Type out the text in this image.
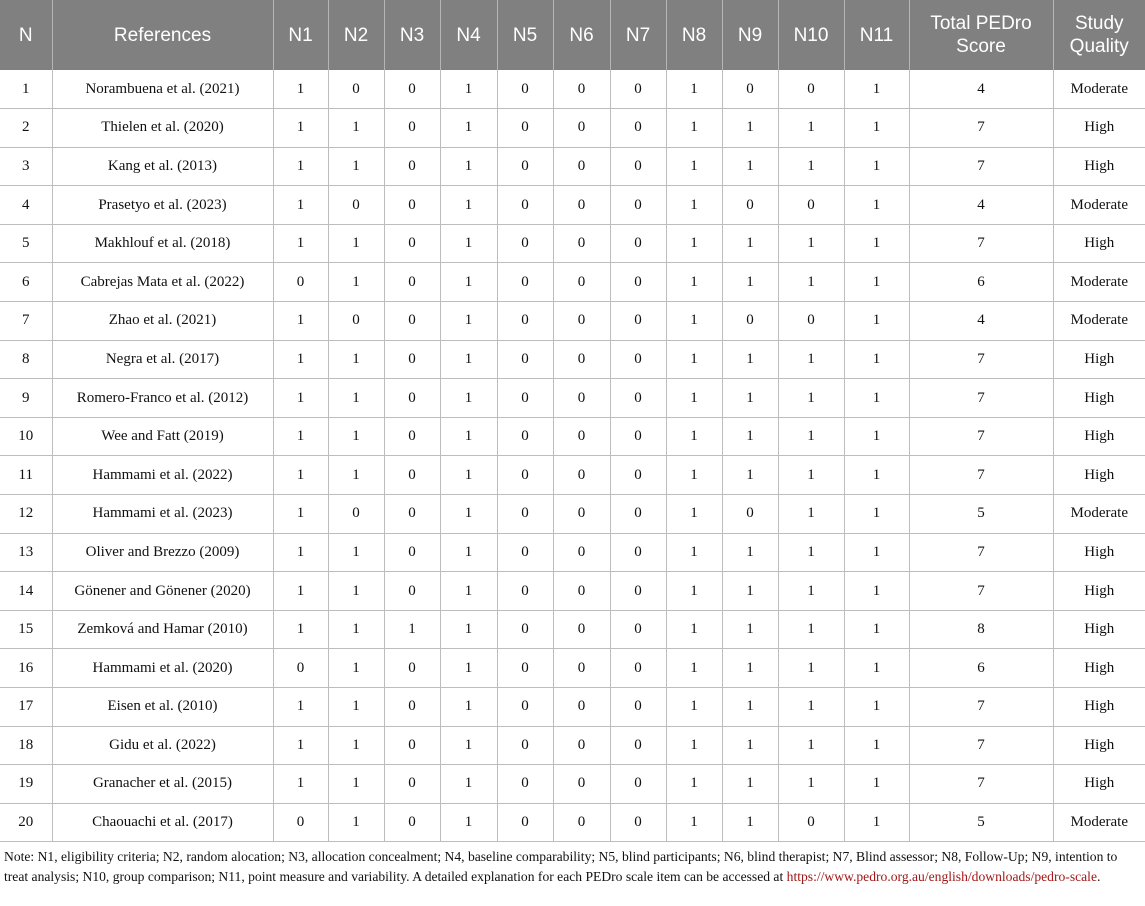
N	References	N1	N2	N3	N4	N5	N6	N7	N8	N9	N10	N11	Total PEDro Score	Study Quality
1	Norambuena et al. (2021)	1	0	0	1	0	0	0	1	0	0	1	4	Moderate
2	Thielen et al. (2020)	1	1	0	1	0	0	0	1	1	1	1	7	High
3	Kang et al. (2013)	1	1	0	1	0	0	0	1	1	1	1	7	High
4	Prasetyo et al. (2023)	1	0	0	1	0	0	0	1	0	0	1	4	Moderate
5	Makhlouf et al. (2018)	1	1	0	1	0	0	0	1	1	1	1	7	High
6	Cabrejas Mata et al. (2022)	0	1	0	1	0	0	0	1	1	1	1	6	Moderate
7	Zhao et al. (2021)	1	0	0	1	0	0	0	1	0	0	1	4	Moderate
8	Negra et al. (2017)	1	1	0	1	0	0	0	1	1	1	1	7	High
9	Romero-Franco et al. (2012)	1	1	0	1	0	0	0	1	1	1	1	7	High
10	Wee and Fatt (2019)	1	1	0	1	0	0	0	1	1	1	1	7	High
11	Hammami et al. (2022)	1	1	0	1	0	0	0	1	1	1	1	7	High
12	Hammami et al. (2023)	1	0	0	1	0	0	0	1	0	1	1	5	Moderate
13	Oliver and Brezzo (2009)	1	1	0	1	0	0	0	1	1	1	1	7	High
14	Gönener and Gönener (2020)	1	1	0	1	0	0	0	1	1	1	1	7	High
15	Zemková and Hamar (2010)	1	1	1	1	0	0	0	1	1	1	1	8	High
16	Hammami et al. (2020)	0	1	0	1	0	0	0	1	1	1	1	6	High
17	Eisen et al. (2010)	1	1	0	1	0	0	0	1	1	1	1	7	High
18	Gidu et al. (2022)	1	1	0	1	0	0	0	1	1	1	1	7	High
19	Granacher et al. (2015)	1	1	0	1	0	0	0	1	1	1	1	7	High
20	Chaouachi et al. (2017)	0	1	0	1	0	0	0	1	1	0	1	5	Moderate
Note: N1, eligibility criteria; N2, random alocation; N3, allocation concealment; N4, baseline comparability; N5, blind participants; N6, blind therapist; N7, Blind assessor; N8, Follow-Up; N9, intention to treat analysis; N10, group comparison; N11, point measure and variability. A detailed explanation for each PEDro scale item can be accessed at https://www.pedro.org.au/english/downloads/pedro-scale.
